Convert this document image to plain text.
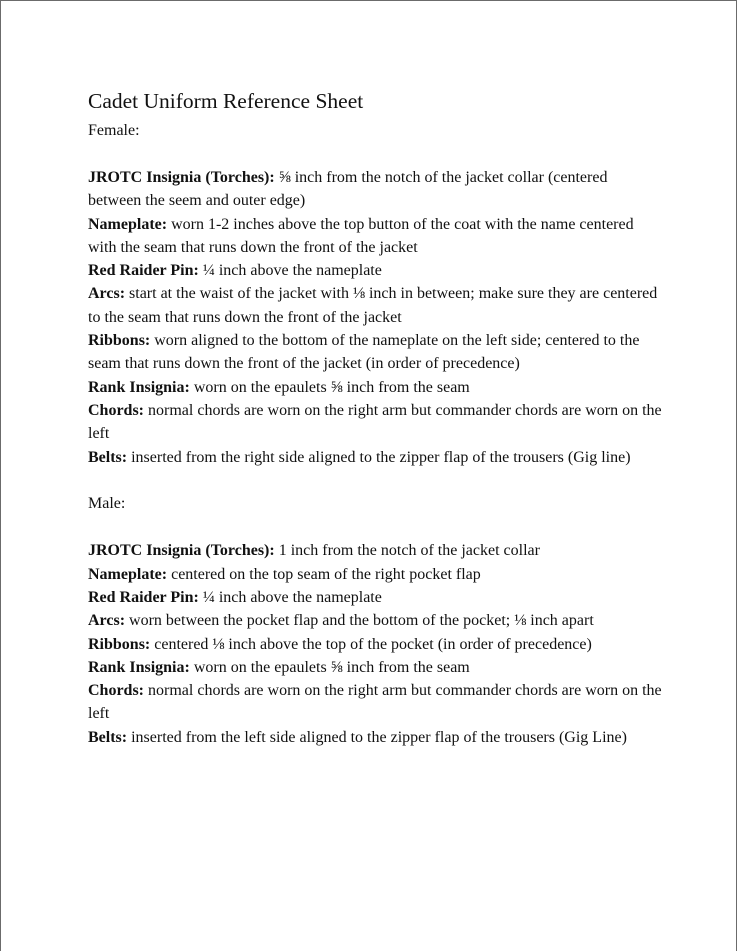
Cadet Uniform Reference Sheet

Female:

JROTC Insignia (Torches): ⅝ inch from the notch of the jacket collar (centered between the seem and outer edge)

Nameplate: worn 1-2 inches above the top button of the coat with the name centered with the seam that runs down the front of the jacket

Red Raider Pin: ¼ inch above the nameplate

Arcs: start at the waist of the jacket with ⅛ inch in between; make sure they are centered to the seam that runs down the front of the jacket

Ribbons: worn aligned to the bottom of the nameplate on the left side; centered to the seam that runs down the front of the jacket (in order of precedence)

Rank Insignia: worn on the epaulets ⅝ inch from the seam

Chords: normal chords are worn on the right arm but commander chords are worn on the left

Belts: inserted from the right side aligned to the zipper flap of the trousers (Gig line)

Male:

JROTC Insignia (Torches): 1 inch from the notch of the jacket collar

Nameplate: centered on the top seam of the right pocket flap

Red Raider Pin: ¼ inch above the nameplate

Arcs: worn between the pocket flap and the bottom of the pocket; ⅛ inch apart

Ribbons: centered ⅛ inch above the top of the pocket (in order of precedence)

Rank Insignia: worn on the epaulets ⅝ inch from the seam

Chords: normal chords are worn on the right arm but commander chords are worn on the left

Belts: inserted from the left side aligned to the zipper flap of the trousers (Gig Line)
